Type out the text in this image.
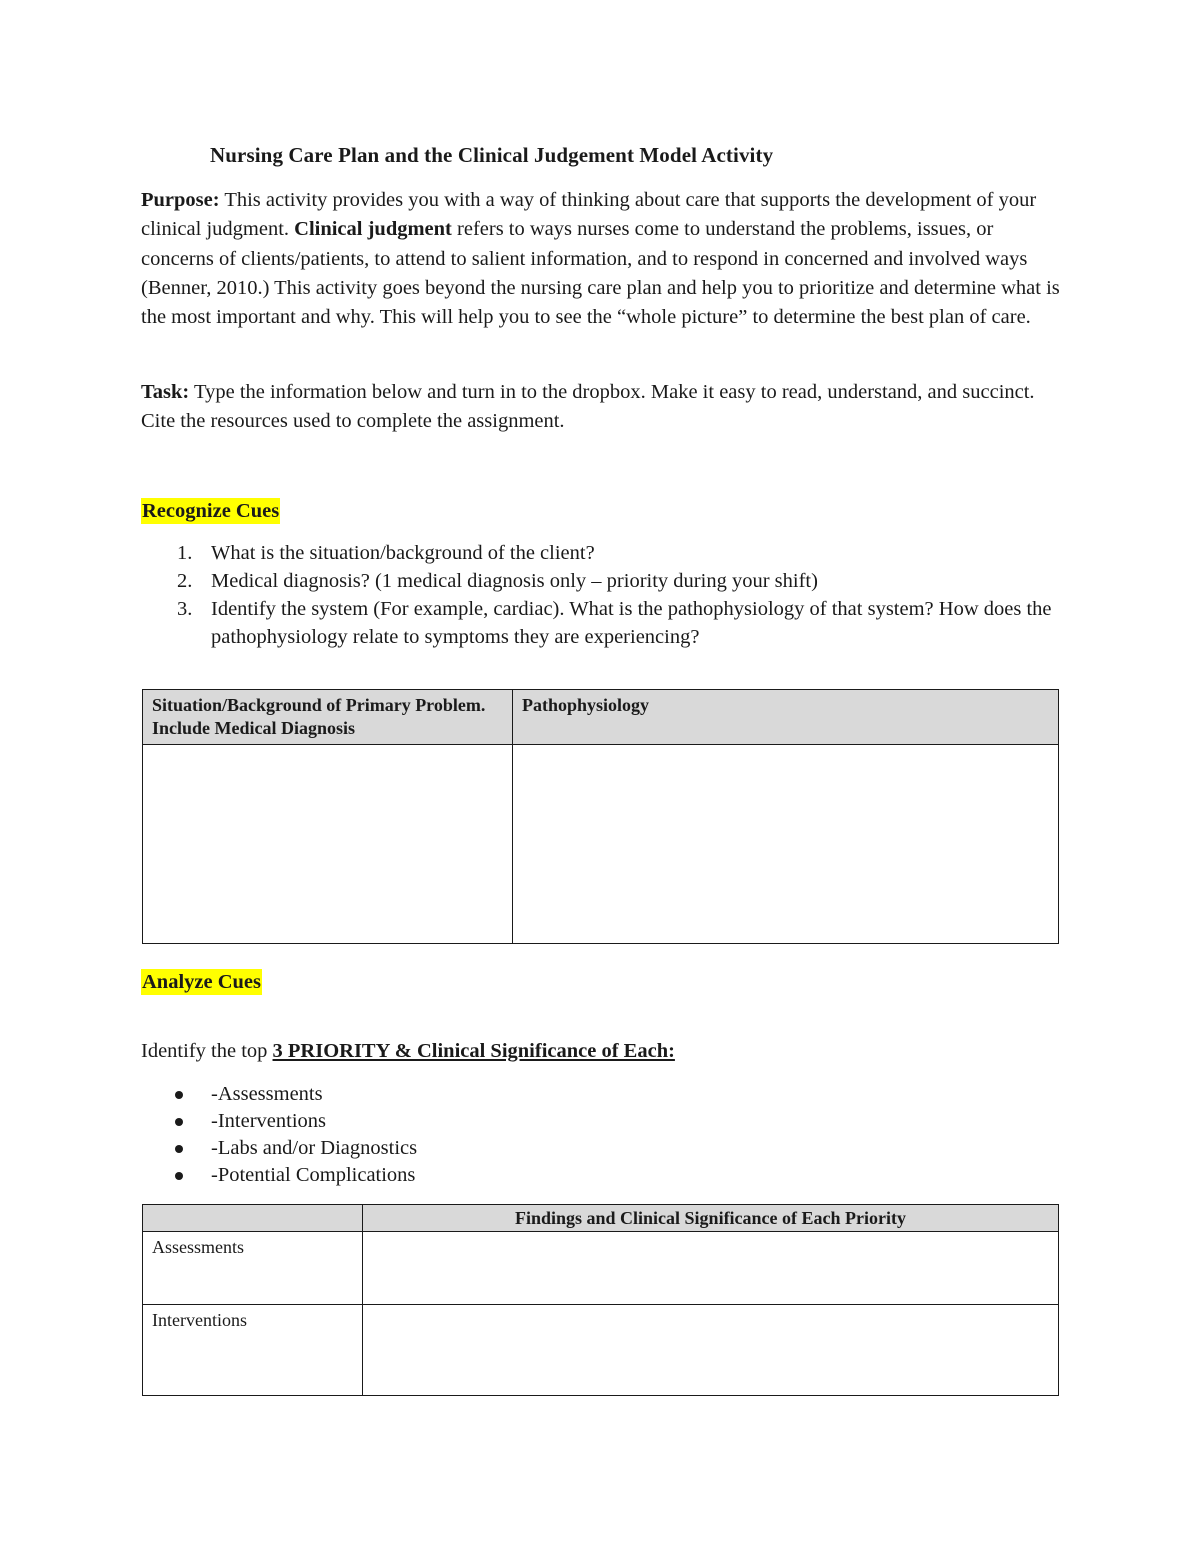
Nursing Care Plan and the Clinical Judgement Model Activity
Purpose: This activity provides you with a way of thinking about care that supports the development of your clinical judgment. Clinical judgment refers to ways nurses come to understand the problems, issues, or concerns of clients/patients, to attend to salient information, and to respond in concerned and involved ways (Benner, 2010.) This activity goes beyond the nursing care plan and help you to prioritize and determine what is the most important and why. This will help you to see the “whole picture” to determine the best plan of care.
Task: Type the information below and turn in to the dropbox. Make it easy to read, understand, and succinct. Cite the resources used to complete the assignment.
Recognize Cues
1. What is the situation/background of the client?
2. Medical diagnosis? (1 medical diagnosis only – priority during your shift)
3. Identify the system (For example, cardiac). What is the pathophysiology of that system? How does the pathophysiology relate to symptoms they are experiencing?
Situation/Background of Primary Problem. Include Medical Diagnosis	Pathophysiology

Analyze Cues
Identify the top 3 PRIORITY & Clinical Significance of Each:
-Assessments
-Interventions
-Labs and/or Diagnostics
-Potential Complications
	Findings and Clinical Significance of Each Priority
Assessments	
Interventions	
